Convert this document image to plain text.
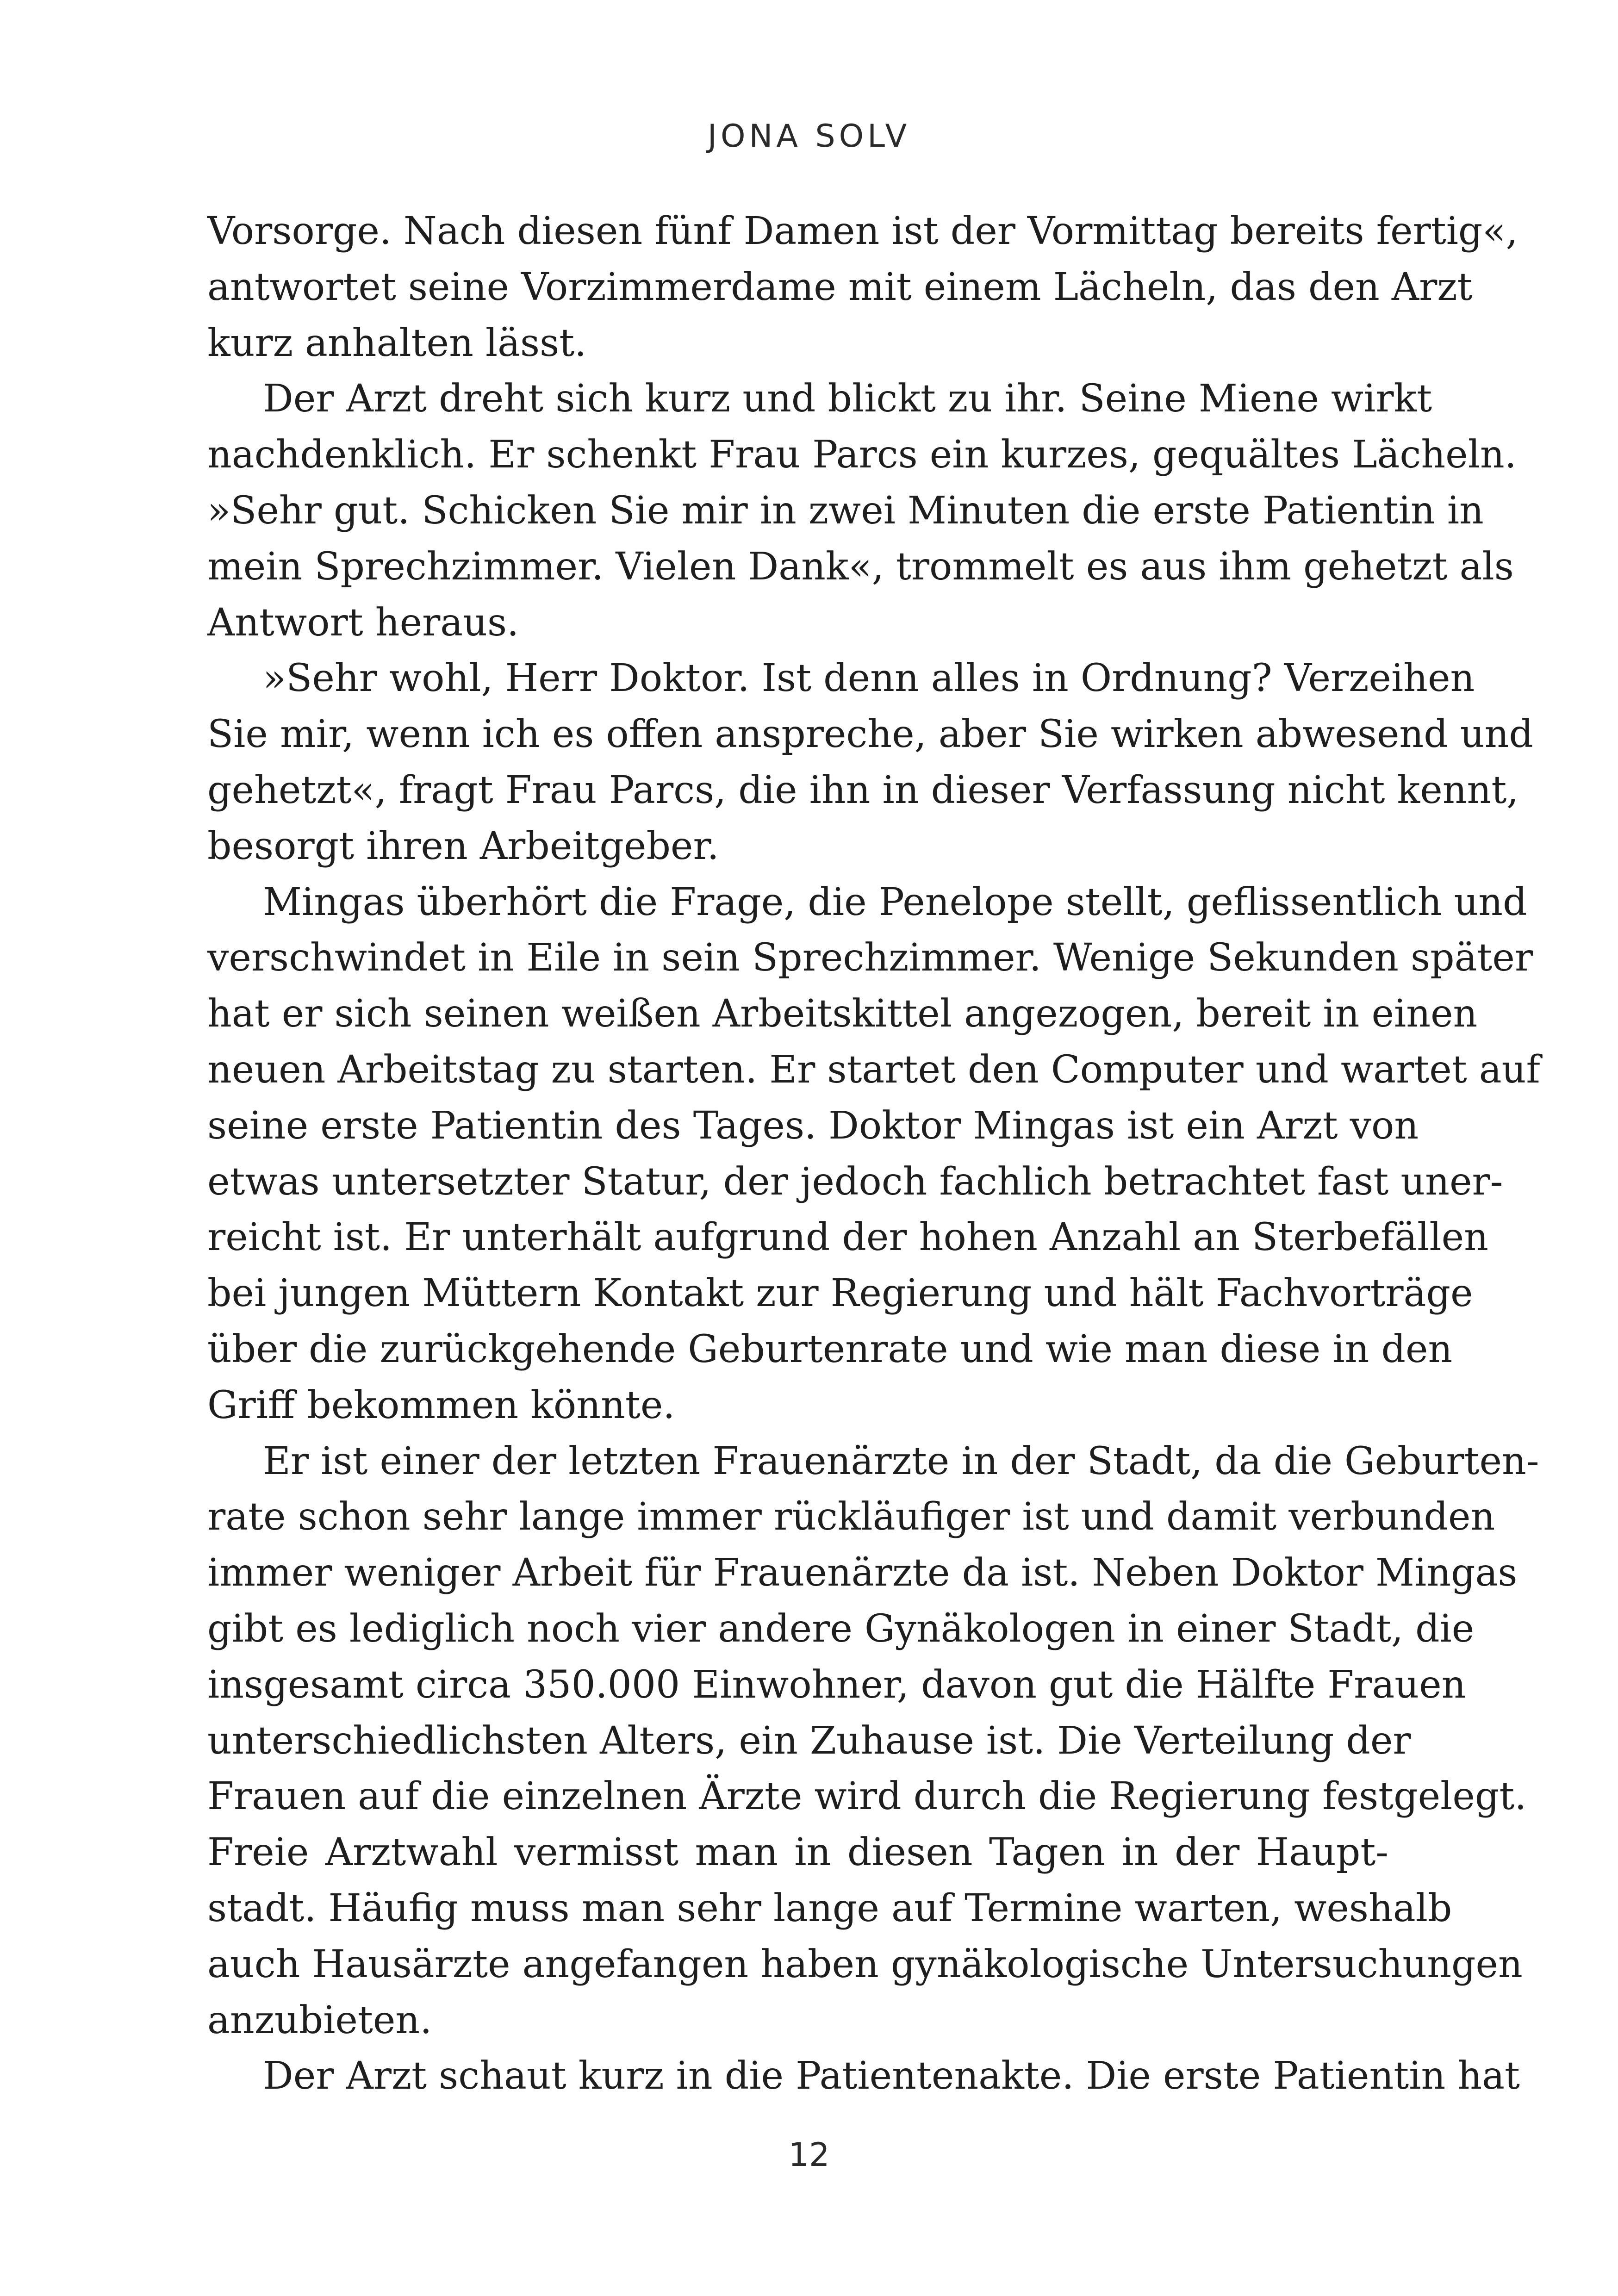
JONA SOLV
Vorsorge. Nach diesen fünf Damen ist der Vormittag bereits fertig«,
antwortet seine Vorzimmerdame mit einem Lächeln, das den Arzt
kurz anhalten lässt.
Der Arzt dreht sich kurz und blickt zu ihr. Seine Miene wirkt
nachdenklich. Er schenkt Frau Parcs ein kurzes, gequältes Lächeln.
»Sehr gut. Schicken Sie mir in zwei Minuten die erste Patientin in
mein Sprechzimmer. Vielen Dank«, trommelt es aus ihm gehetzt als
Antwort heraus.
»Sehr wohl, Herr Doktor. Ist denn alles in Ordnung? Verzeihen
Sie mir, wenn ich es offen anspreche, aber Sie wirken abwesend und
gehetzt«, fragt Frau Parcs, die ihn in dieser Verfassung nicht kennt,
besorgt ihren Arbeitgeber.
Mingas überhört die Frage, die Penelope stellt, geflissentlich und
verschwindet in Eile in sein Sprechzimmer. Wenige Sekunden später
hat er sich seinen weißen Arbeitskittel angezogen, bereit in einen
neuen Arbeitstag zu starten. Er startet den Computer und wartet auf
seine erste Patientin des Tages. Doktor Mingas ist ein Arzt von
etwas untersetzter Statur, der jedoch fachlich betrachtet fast uner-
reicht ist. Er unterhält aufgrund der hohen Anzahl an Sterbefällen
bei jungen Müttern Kontakt zur Regierung und hält Fachvorträge
über die zurückgehende Geburtenrate und wie man diese in den
Griff bekommen könnte.
Er ist einer der letzten Frauenärzte in der Stadt, da die Geburten-
rate schon sehr lange immer rückläufiger ist und damit verbunden
immer weniger Arbeit für Frauenärzte da ist. Neben Doktor Mingas
gibt es lediglich noch vier andere Gynäkologen in einer Stadt, die
insgesamt circa 350.000 Einwohner, davon gut die Hälfte Frauen
unterschiedlichsten Alters, ein Zuhause ist. Die Verteilung der
Frauen auf die einzelnen Ärzte wird durch die Regierung festgelegt.
Freie Arztwahl vermisst man in diesen Tagen in der Haupt-
stadt. Häufig muss man sehr lange auf Termine warten, weshalb
auch Hausärzte angefangen haben gynäkologische Untersuchungen
anzubieten.
Der Arzt schaut kurz in die Patientenakte. Die erste Patientin hat
12
